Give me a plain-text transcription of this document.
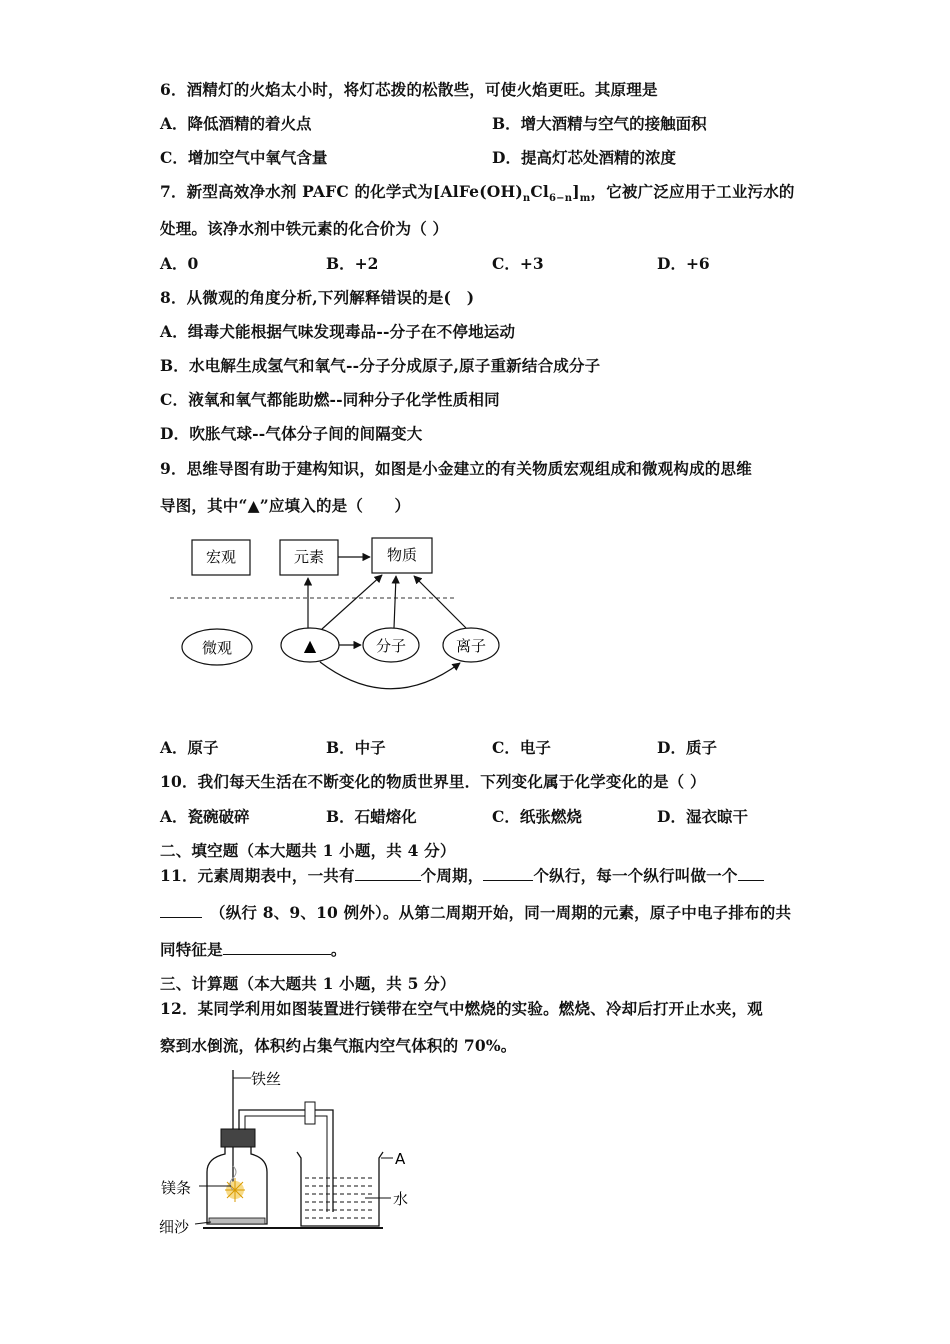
6．酒精灯的火焰太小时，将灯芯拨的松散些，可使火焰更旺。其原理是
A．降低酒精的着火点	B．增大酒精与空气的接触面积
C．增加空气中氧气含量	D．提高灯芯处酒精的浓度
7．新型高效净水剂 PAFC 的化学式为$[AlFe(OH)_nCl_{6-n}]_m$，它被广泛应用于工业污水的
处理。该净水剂中铁元素的化合价为（ ）
A．0	B．+2	C．+3	D．+6
8．从微观的角度分析,下列解释错误的是(　)
A．缉毒犬能根据气味发现毒品--分子在不停地运动
B．水电解生成氢气和氧气--分子分成原子,原子重新结合成分子
C．液氧和氧气都能助燃--同种分子化学性质相同
D．吹胀气球--气体分子间的间隔变大
9．思维导图有助于建构知识，如图是小金建立的有关物质宏观组成和微观构成的思维
导图，其中“▲”应填入的是（　　）
宏观	元素	物质
微观	▲	分子	离子
A．原子	B．中子	C．电子	D．质子
10．我们每天生活在不断变化的物质世界里．下列变化属于化学变化的是（ ）
A．瓷碗破碎	B．石蜡熔化	C．纸张燃烧	D．湿衣晾干
二、填空题（本大题共 1 小题，共 4 分）
11．元素周期表中，一共有	个周期，	个纵行，每一个纵行叫做一个
（纵行 8、9、10 例外）。从第二周期开始，同一周期的元素，原子中电子排布的共
同特征是	。
三、计算题（本大题共 1 小题，共 5 分）
12．某同学利用如图装置进行镁带在空气中燃烧的实验。燃烧、冷却后打开止水夹，观
察到水倒流，体积约占集气瓶内空气体积的 70%。
铁丝
镁条
细沙
A
水
